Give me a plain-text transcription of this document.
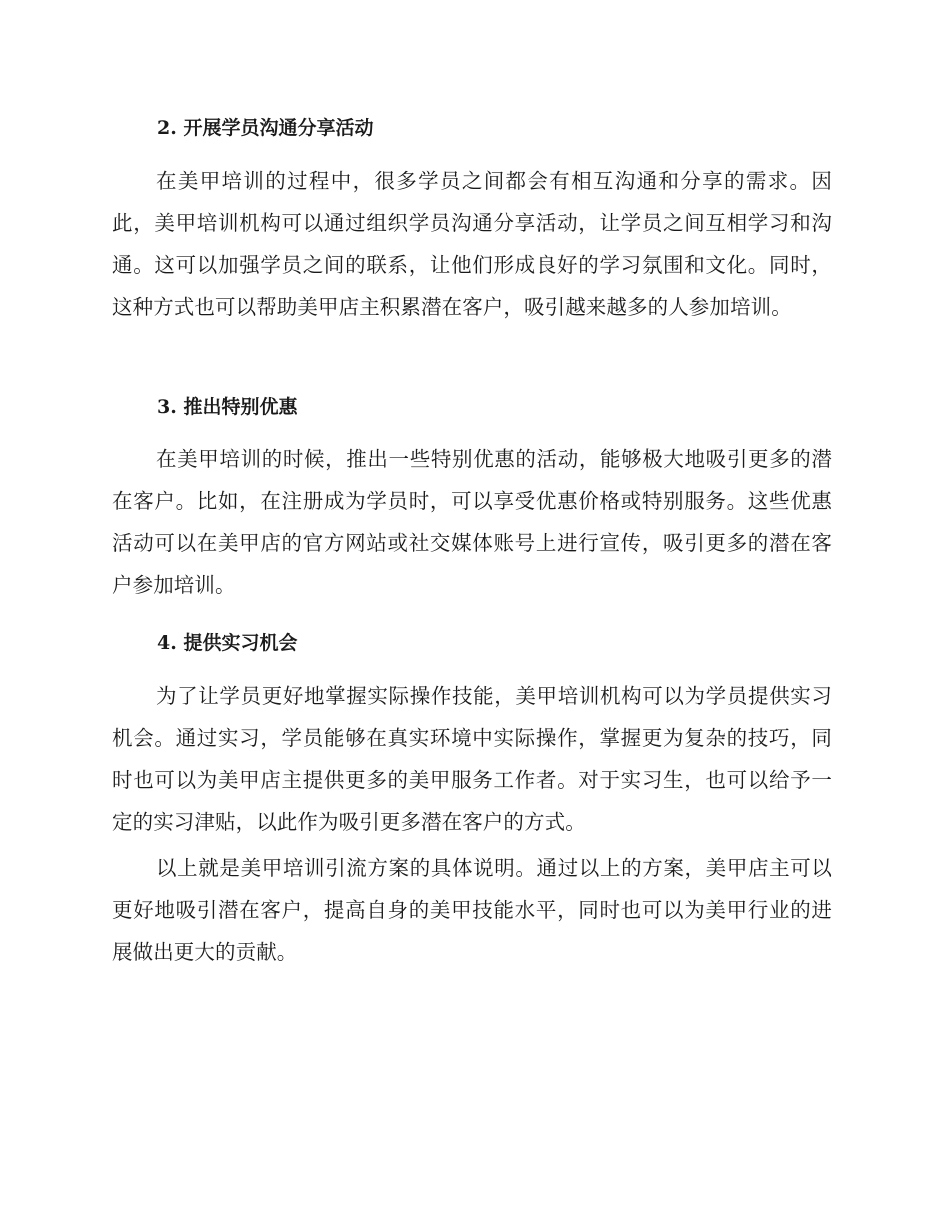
2. 开展学员沟通分享活动
在美甲培训的过程中，很多学员之间都会有相互沟通和分享的需求。因此，美甲培训机构可以通过组织学员沟通分享活动，让学员之间互相学习和沟通。这可以加强学员之间的联系，让他们形成良好的学习氛围和文化。同时，这种方式也可以帮助美甲店主积累潜在客户，吸引越来越多的人参加培训。
3. 推出特别优惠
在美甲培训的时候，推出一些特别优惠的活动，能够极大地吸引更多的潜在客户。比如，在注册成为学员时，可以享受优惠价格或特别服务。这些优惠活动可以在美甲店的官方网站或社交媒体账号上进行宣传，吸引更多的潜在客户参加培训。
4. 提供实习机会
为了让学员更好地掌握实际操作技能，美甲培训机构可以为学员提供实习机会。通过实习，学员能够在真实环境中实际操作，掌握更为复杂的技巧，同时也可以为美甲店主提供更多的美甲服务工作者。对于实习生，也可以给予一定的实习津贴，以此作为吸引更多潜在客户的方式。
以上就是美甲培训引流方案的具体说明。通过以上的方案，美甲店主可以更好地吸引潜在客户，提高自身的美甲技能水平，同时也可以为美甲行业的进展做出更大的贡献。
